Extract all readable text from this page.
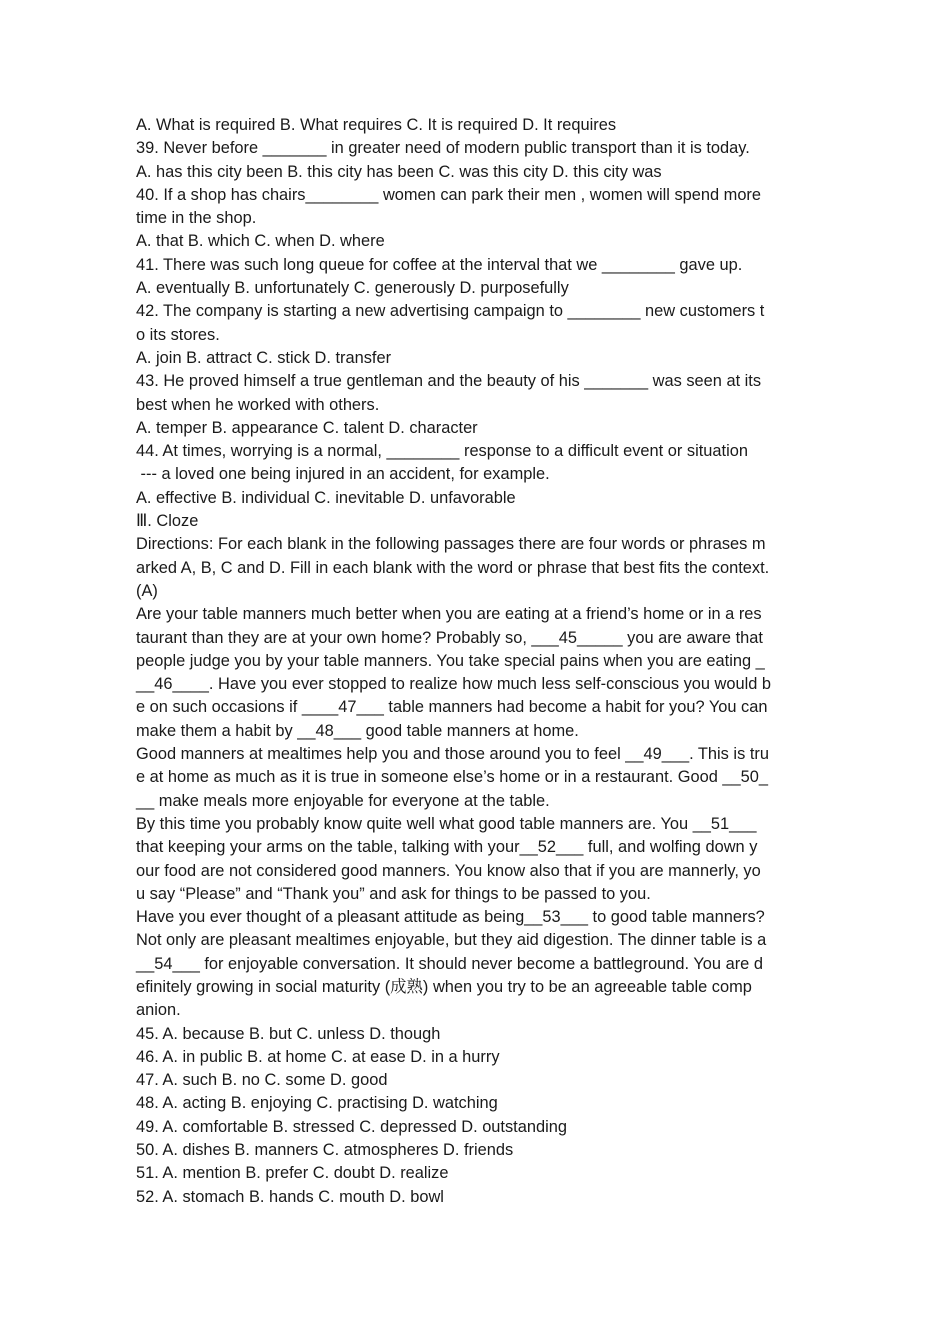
A. What is required B. What requires C. It is required D. It requires

39. Never before _______ in greater need of modern public transport than it is today.

A. has this city been B. this city has been C. was this city D. this city was

40. If a shop has chairs________ women can park their men , women will spend more

time in the shop.

A. that B. which C. when D. where

41. There was such long queue for coffee at the interval that we ________ gave up.

A. eventually B. unfortunately C. generously D. purposefully

42. The company is starting a new advertising campaign to ________ new customers t

o its stores.

A. join B. attract C. stick D. transfer

43. He proved himself a true gentleman and the beauty of his _______ was seen at its

best when he worked with others.

A. temper B. appearance C. talent D. character

44. At times, worrying is a normal, ________ response to a difficult event or situation

--- a loved one being injured in an accident, for example.

A. effective B. individual C. inevitable D. unfavorable

Ⅲ. Cloze

Directions: For each blank in the following passages there are four words or phrases m

arked A, B, C and D. Fill in each blank with the word or phrase that best fits the context.

(A)

Are your table manners much better when you are eating at a friend’s home or in a res

taurant than they are at your own home? Probably so, ___45_____ you are aware that

people judge you by your table manners. You take special pains when you are eating _

__46____. Have you ever stopped to realize how much less self-conscious you would b

e on such occasions if ____47___ table manners had become a habit for you? You can

make them a habit by __48___ good table manners at home.

Good manners at mealtimes help you and those around you to feel __49___. This is tru

e at home as much as it is true in someone else’s home or in a restaurant. Good __50_

__ make meals more enjoyable for everyone at the table.

By this time you probably know quite well what good table manners are. You __51___

that keeping your arms on the table, talking with your__52___ full, and wolfing down y

our food are not considered good manners. You know also that if you are mannerly, yo

u say “Please” and “Thank you” and ask for things to be passed to you.

Have you ever thought of a pleasant attitude as being__53___ to good table manners?

Not only are pleasant mealtimes enjoyable, but they aid digestion. The dinner table is a

__54___ for enjoyable conversation. It should never become a battleground. You are d

efinitely growing in social maturity (成熟) when you try to be an agreeable table comp

anion.

45. A. because B. but C. unless D. though

46. A. in public B. at home C. at ease D. in a hurry

47. A. such B. no C. some D. good

48. A. acting B. enjoying C. practising D. watching

49. A. comfortable B. stressed C. depressed D. outstanding

50. A. dishes B. manners C. atmospheres D. friends

51. A. mention B. prefer C. doubt D. realize

52. A. stomach B. hands C. mouth D. bowl
